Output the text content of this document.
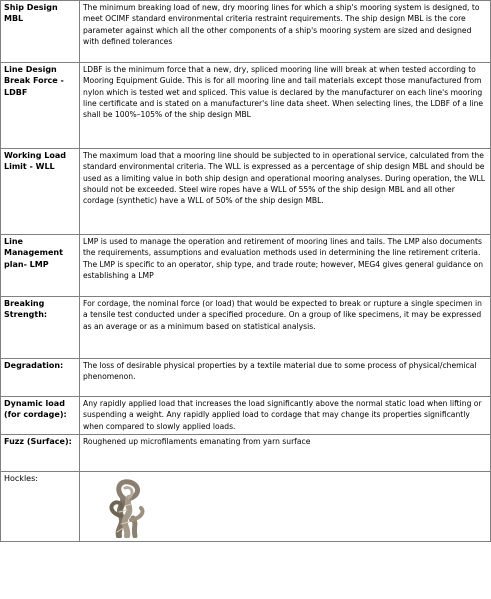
Ship Design MBL	The minimum breaking load of new, dry mooring lines for which a ship's mooring system is designed, to meet OCIMF standard environmental criteria restraint requirements. The ship design MBL is the core parameter against which all the other components of a ship's mooring system are sized and designed with defined tolerances
Line Design Break Force - LDBF	LDBF is the minimum force that a new, dry, spliced mooring line will break at when tested according to Mooring Equipment Guide. This is for all mooring line and tail materials except those manufactured from nylon which is tested wet and spliced. This value is declared by the manufacturer on each line's mooring line certificate and is stated on a manufacturer's line data sheet. When selecting lines, the LDBF of a line shall be 100%–105% of the ship design MBL
Working Load Limit - WLL	The maximum load that a mooring line should be subjected to in operational service, calculated from the standard environmental criteria. The WLL is expressed as a percentage of ship design MBL and should be used as a limiting value in both ship design and operational mooring analyses. During operation, the WLL should not be exceeded. Steel wire ropes have a WLL of 55% of the ship design MBL and all other cordage (synthetic) have a WLL of 50% of the ship design MBL.
Line Management plan- LMP	LMP is used to manage the operation and retirement of mooring lines and tails. The LMP also documents the requirements, assumptions and evaluation methods used in determining the line retirement criteria. The LMP is specific to an operator, ship type, and trade route; however, MEG4 gives general guidance on establishing a LMP
Breaking Strength:	For cordage, the nominal force (or load) that would be expected to break or rupture a single specimen in a tensile test conducted under a specified procedure. On a group of like specimens, it may be expressed as an average or as a minimum based on statistical analysis.
Degradation:	The loss of desirable physical properties by a textile material due to some process of physical/chemical phenomenon.
Dynamic load (for cordage):	Any rapidly applied load that increases the load significantly above the normal static load when lifting or suspending a weight. Any rapidly applied load to cordage that may change its properties significantly when compared to slowly applied loads.
Fuzz (Surface):	Roughened up microfilaments emanating from yarn surface
Hockles:	
